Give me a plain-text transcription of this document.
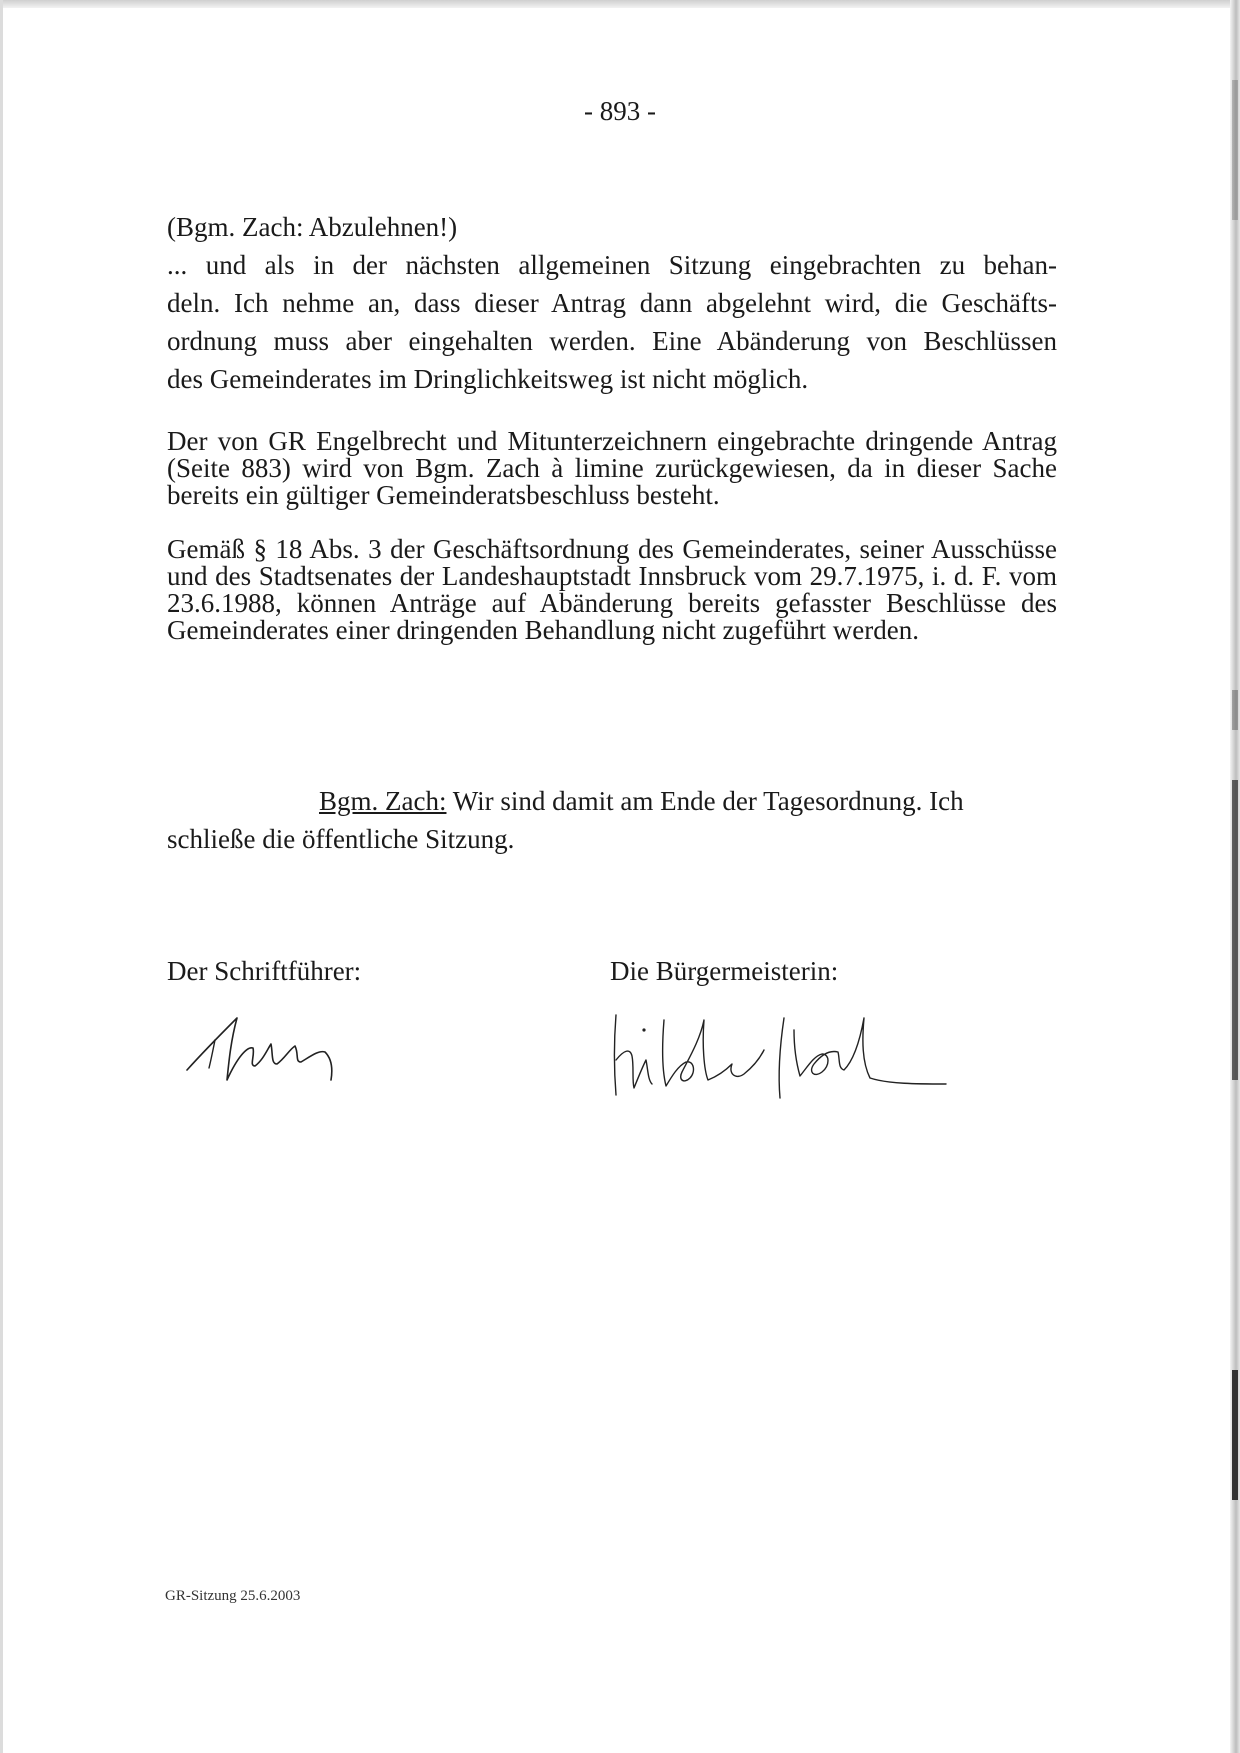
- 893 -
(Bgm. Zach: Abzulehnen!)
... und als in der nächsten allgemeinen Sitzung eingebrachten zu behan-
deln. Ich nehme an, dass dieser Antrag dann abgelehnt wird, die Geschäfts-
ordnung muss aber eingehalten werden. Eine Abänderung von Beschlüssen
des Gemeinderates im Dringlichkeitsweg ist nicht möglich.
Der von GR Engelbrecht und Mitunterzeichnern eingebrachte dringende Antrag (Seite 883) wird von Bgm. Zach à limine zurückgewiesen, da in dieser Sache bereits ein gültiger Gemeinderatsbeschluss besteht.
Gemäß § 18 Abs. 3 der Geschäftsordnung des Gemeinderates, seiner Ausschüsse und des Stadtsenates der Landeshauptstadt Innsbruck vom 29.7.1975, i. d. F. vom 23.6.1988, können Anträge auf Abänderung bereits gefasster Beschlüsse des Gemeinderates einer dringenden Behandlung nicht zugeführt werden.
Bgm. Zach: Wir sind damit am Ende der Tagesordnung. Ich
schließe die öffentliche Sitzung.
Der Schriftführer:	Die Bürgermeisterin:
GR-Sitzung 25.6.2003
